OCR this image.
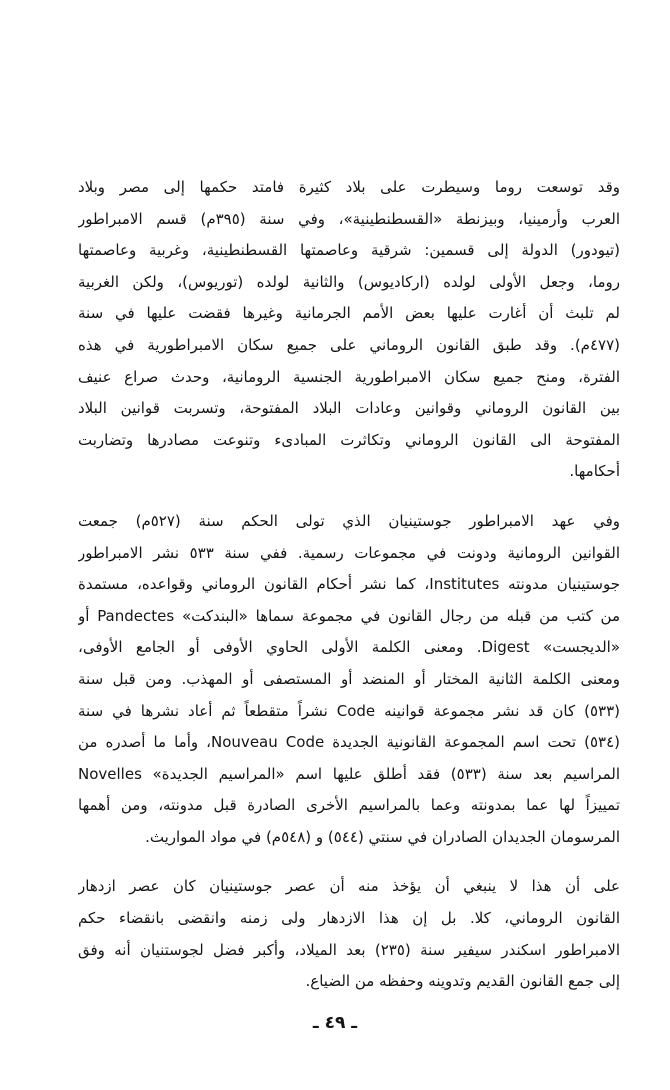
وقد توسعت روما وسيطرت على بلاد كثيرة فامتد حكمها إلى مصر وبلاد
العرب وأرمينيا، وبيزنطة «القسطنطينية»، وفي سنة (٣٩٥م) قسم الامبراطور
(تيودور) الدولة إلى قسمين: شرقية وعاصمتها القسطنطينية، وغربية وعاصمتها
روما، وجعل الأولى لولده (اركاديوس) والثانية لولده (توريوس)، ولكن الغربية
لم تلبث أن أغارت عليها بعض الأمم الجرمانية وغيرها فقضت عليها في سنة
(٤٧٧م). وقد طبق القانون الروماني على جميع سكان الامبراطورية في هذه
الفترة، ومنح جميع سكان الامبراطورية الجنسية الرومانية، وحدث صراع عنيف
بين القانون الروماني وقوانين وعادات البلاد المفتوحة، وتسربت قوانين البلاد
المفتوحة الى القانون الروماني وتكاثرت المبادىء وتنوعت مصادرها وتضاربت
أحكامها.
وفي عهد الامبراطور جوستينيان الذي تولى الحكم سنة (٥٢٧م) جمعت
القوانين الرومانية ودونت في مجموعات رسمية. ففي سنة ٥٣٣ نشر الامبراطور
جوستينيان مدونته Institutes، كما نشر أحكام القانون الروماني وقواعده، مستمدة
من كتب من قبله من رجال القانون في مجموعة سماها «البندكت» Pandectes أو
«الديجست» Digest. ومعنى الكلمة الأولى الحاوي الأوفى أو الجامع الأوفى،
ومعنى الكلمة الثانية المختار أو المنضد أو المستصفى أو المهذب. ومن قبل سنة
(٥٣٣) كان قد نشر مجموعة قوانينه Code نشراً متقطعاً ثم أعاد نشرها في سنة
(٥٣٤) تحت اسم المجموعة القانونية الجديدة Nouveau Code، وأما ما أصدره من
المراسيم بعد سنة (٥٣٣) فقد أطلق عليها اسم «المراسيم الجديدة» Novelles
تمييزاً لها عما بمدونته وعما بالمراسيم الأخرى الصادرة قبل مدونته، ومن أهمها
المرسومان الجديدان الصادران في سنتي (٥٤٤) و (٥٤٨م) في مواد المواريث.
على أن هذا لا ينبغي أن يؤخذ منه أن عصر جوستينيان كان عصر ازدهار
القانون الروماني، كلا. بل إن هذا الازدهار ولى زمنه وانقضى بانقضاء حكم
الامبراطور اسكندر سيفير سنة (٢٣٥) بعد الميلاد، وأكبر فضل لجوستنيان أنه وفق
إلى جمع القانون القديم وتدوينه وحفظه من الضياع.
ـ ٤٩ ـ
